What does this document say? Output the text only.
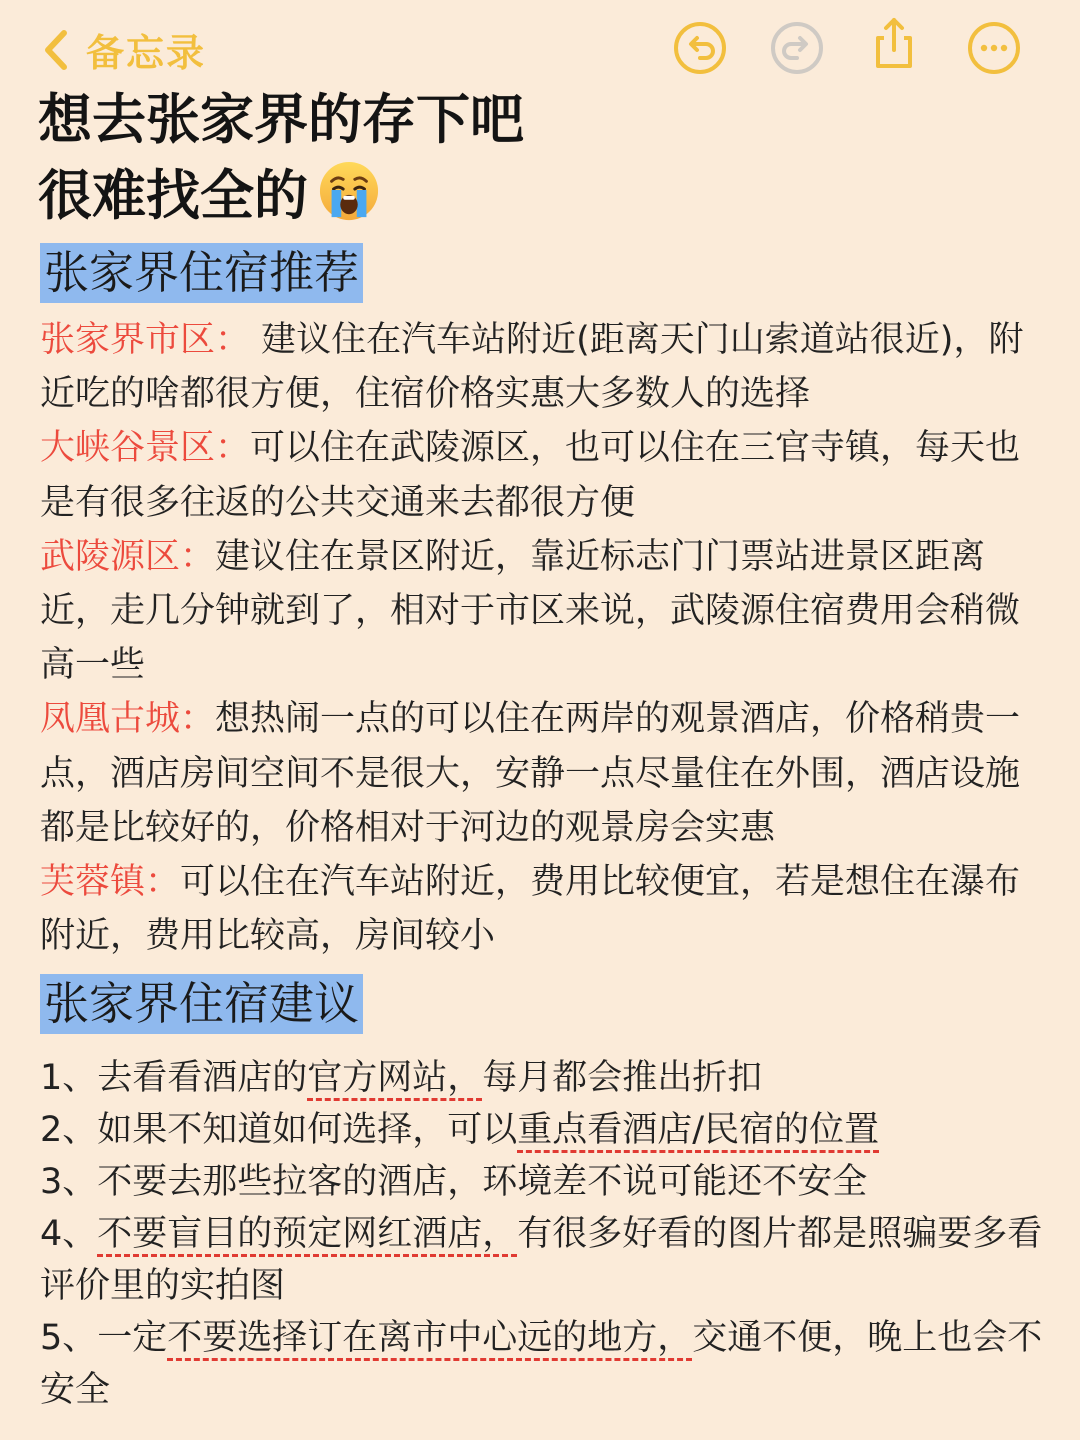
备忘录
想去张家界的存下吧
很难找全的
张家界住宿推荐

张家界市区： 建议住在汽车站附近(距离天门山索道站很近)，附近吃的啥都很方便，住宿价格实惠大多数人的选择

大峡谷景区：可以住在武陵源区，也可以住在三官寺镇，每天也是有很多往返的公共交通来去都很方便

武陵源区：建议住在景区附近，靠近标志门门票站进景区距离近，走几分钟就到了，相对于市区来说，武陵源住宿费用会稍微高一些

凤凰古城：想热闹一点的可以住在两岸的观景酒店，价格稍贵一点，酒店房间空间不是很大，安静一点尽量住在外围，酒店设施都是比较好的，价格相对于河边的观景房会实惠

芙蓉镇：可以住在汽车站附近，费用比较便宜，若是想住在瀑布附近，费用比较高，房间较小

张家界住宿建议

1、去看看酒店的官方网站，每月都会推出折扣

2、如果不知道如何选择，可以重点看酒店/民宿的位置

3、不要去那些拉客的酒店，环境差不说可能还不安全

4、不要盲目的预定网红酒店，有很多好看的图片都是照骗要多看评价里的实拍图

5、一定不要选择订在离市中心远的地方，交通不便，晚上也会不安全
